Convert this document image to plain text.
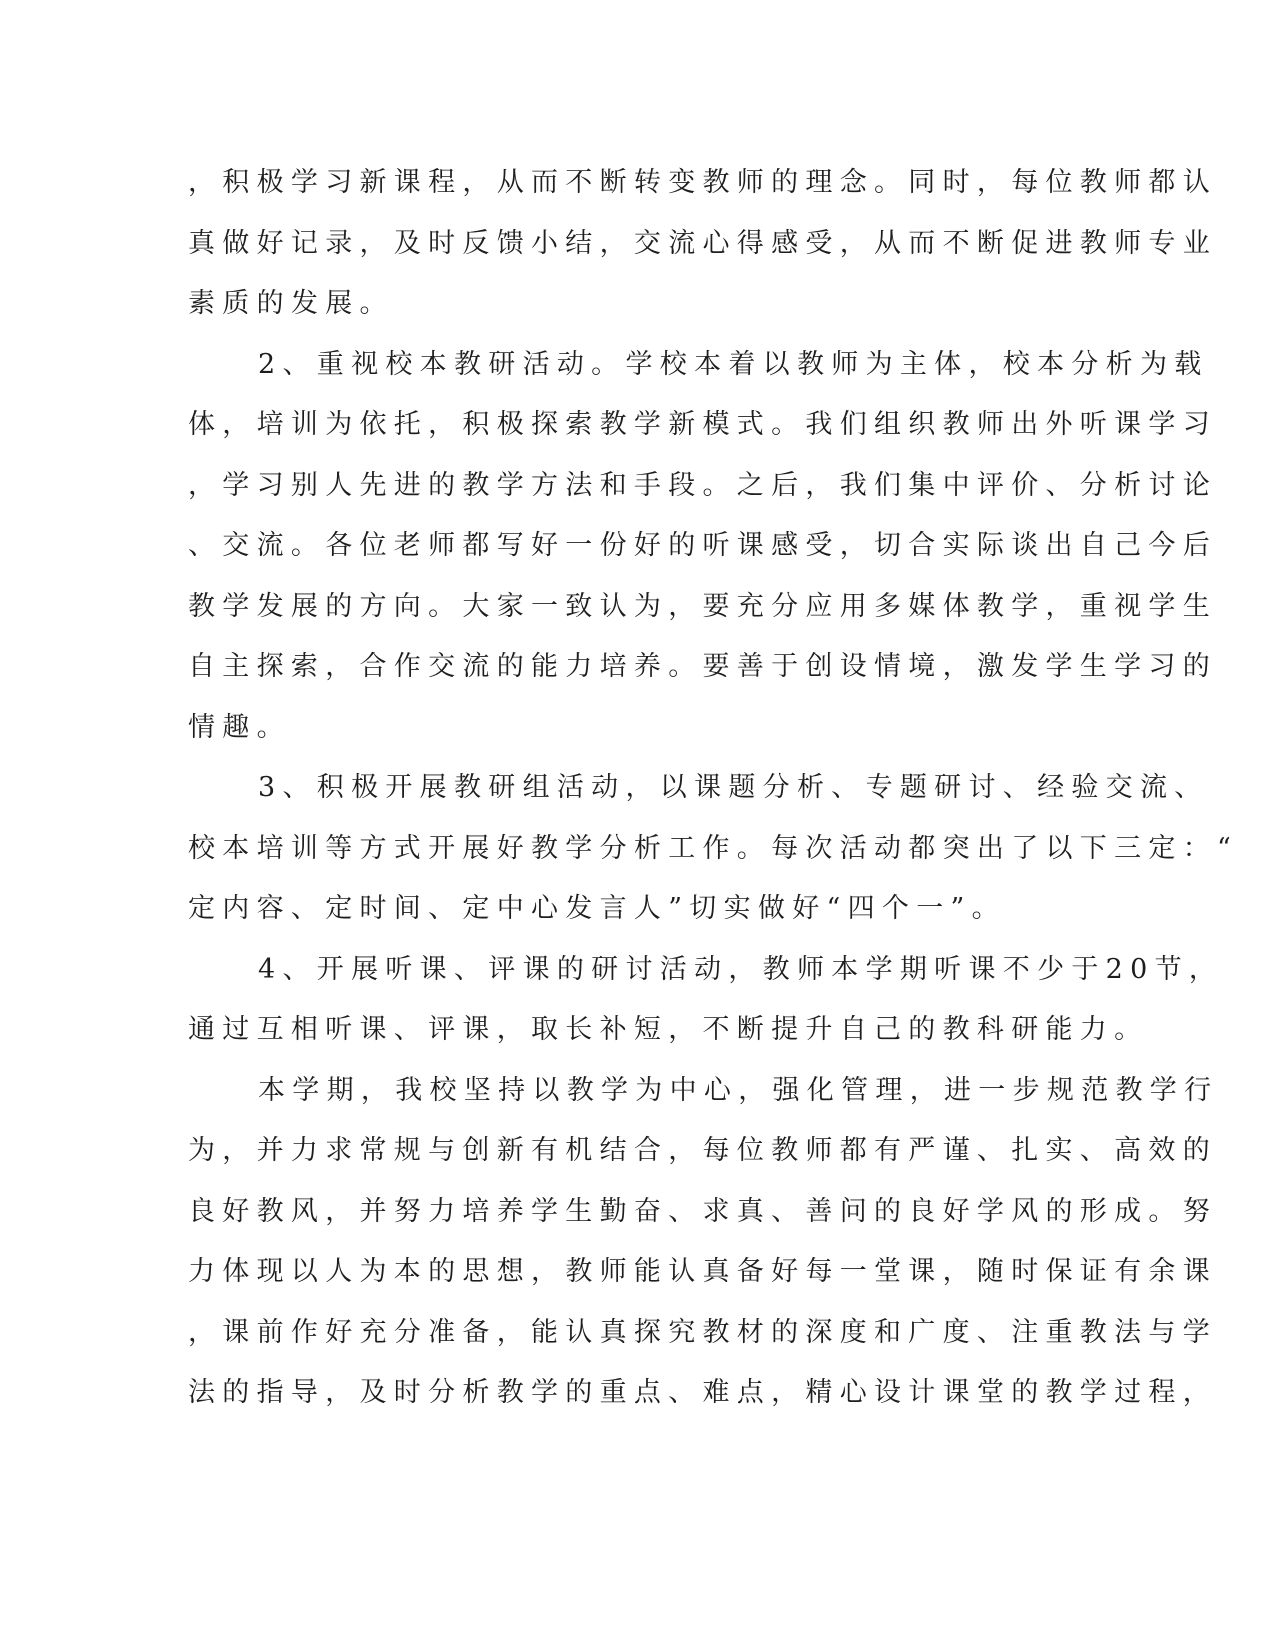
，积极学习新课程，从而不断转变教师的理念。同时，每位教师都认
真做好记录，及时反馈小结，交流心得感受，从而不断促进教师专业
素质的发展。
2、重视校本教研活动。学校本着以教师为主体，校本分析为载
体，培训为依托，积极探索教学新模式。我们组织教师出外听课学习
，学习别人先进的教学方法和手段。之后，我们集中评价、分析讨论
、交流。各位老师都写好一份好的听课感受，切合实际谈出自己今后
教学发展的方向。大家一致认为，要充分应用多媒体教学，重视学生
自主探索，合作交流的能力培养。要善于创设情境，激发学生学习的
情趣。
3、积极开展教研组活动，以课题分析、专题研讨、经验交流、
校本培训等方式开展好教学分析工作。每次活动都突出了以下三定：“
定内容、定时间、定中心发言人”切实做好“四个一”。
4、开展听课、评课的研讨活动，教师本学期听课不少于20节，
通过互相听课、评课，取长补短，不断提升自己的教科研能力。
本学期，我校坚持以教学为中心，强化管理，进一步规范教学行
为，并力求常规与创新有机结合，每位教师都有严谨、扎实、高效的
良好教风，并努力培养学生勤奋、求真、善问的良好学风的形成。努
力体现以人为本的思想，教师能认真备好每一堂课，随时保证有余课
，课前作好充分准备，能认真探究教材的深度和广度、注重教法与学
法的指导，及时分析教学的重点、难点，精心设计课堂的教学过程，
